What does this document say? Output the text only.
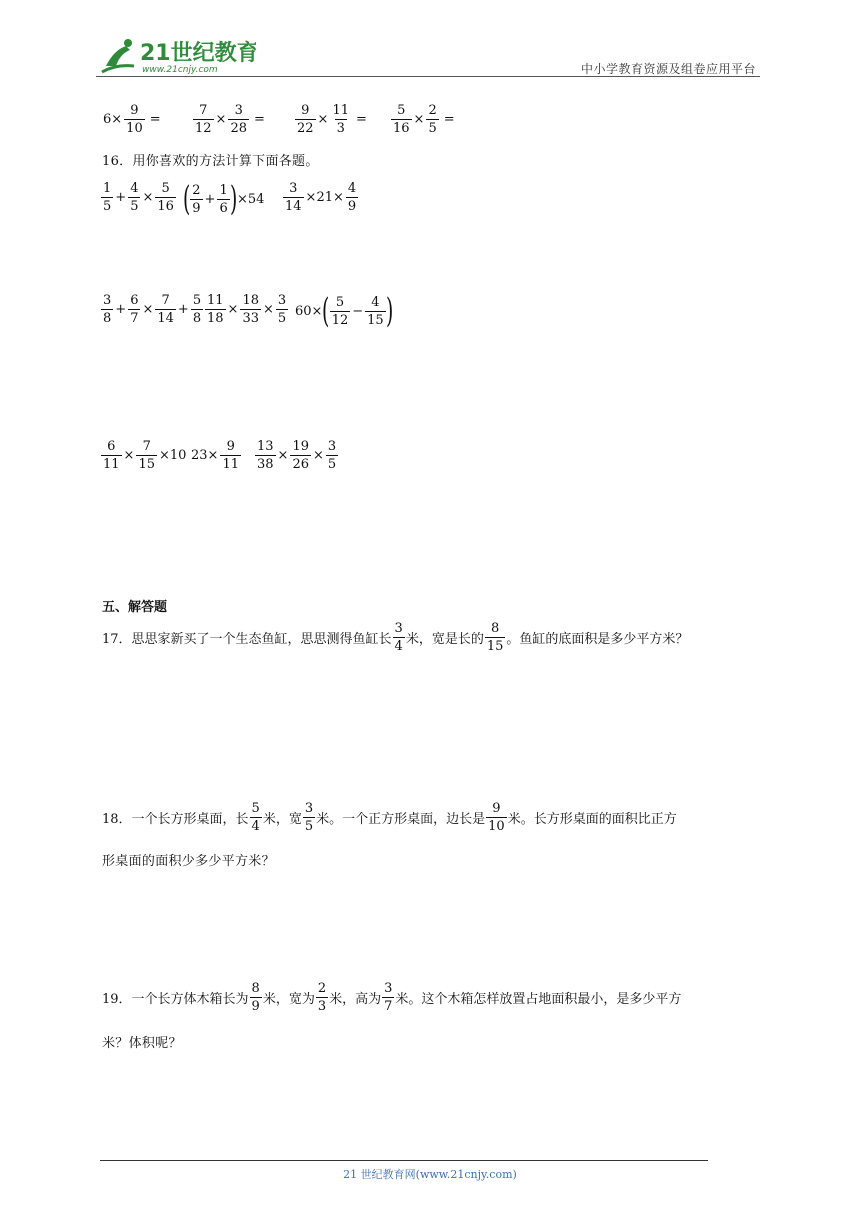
21世纪教育
www.21cnjy.com	中小学教育资源及组卷应用平台
$6\times \frac{9}{10} = \frac{7}{12} \times \frac{3}{28} = \frac{9}{22} \times \frac{11}{3} = \frac{5}{16} \times \frac{2}{5}$ =
16．用你喜欢的方法计算下面各题。
$\frac{1}{5} + \frac{4}{5} \times \frac{5}{16}$ ( $\frac{2}{9} + \frac{1}{6}$ ) $\times 54 \frac{3}{14} \times 21\times \frac{4}{9}$
$\frac{3}{8} + \frac{6}{7} \times \frac{7}{14} + \frac{5}{8} \frac{11}{18} \times \frac{18}{33} \times \frac{3}{5} 60\times$ ( $\frac{5}{12} - \frac{4}{15}$ )
$\frac{6}{11} \times \frac{7}{15} \times 10$ $23\times \frac{9}{11} \frac{13}{38} \times \frac{19}{26} \times \frac{3}{5}$
五、解答题
17．思思家新买了一个生态鱼缸，思思测得鱼缸长 $\frac{3}{4}$ 米，宽是长的 $\frac{8}{15}$ 。鱼缸的底面积是多少平方米？
18．一个长方形桌面，长 $\frac{5}{4}$ 米，宽 $\frac{3}{5}$ 米。一个正方形桌面，边长是 $\frac{9}{10}$ 米。长方形桌面的面积比正方
形桌面的面积少多少平方米？
19．一个长方体木箱长为 $\frac{8}{9}$ 米，宽为 $\frac{2}{3}$ 米，高为 $\frac{3}{7}$ 米。这个木箱怎样放置占地面积最小，是多少平方
米？体积呢？
21 世纪教育网(www.21cnjy.com)
